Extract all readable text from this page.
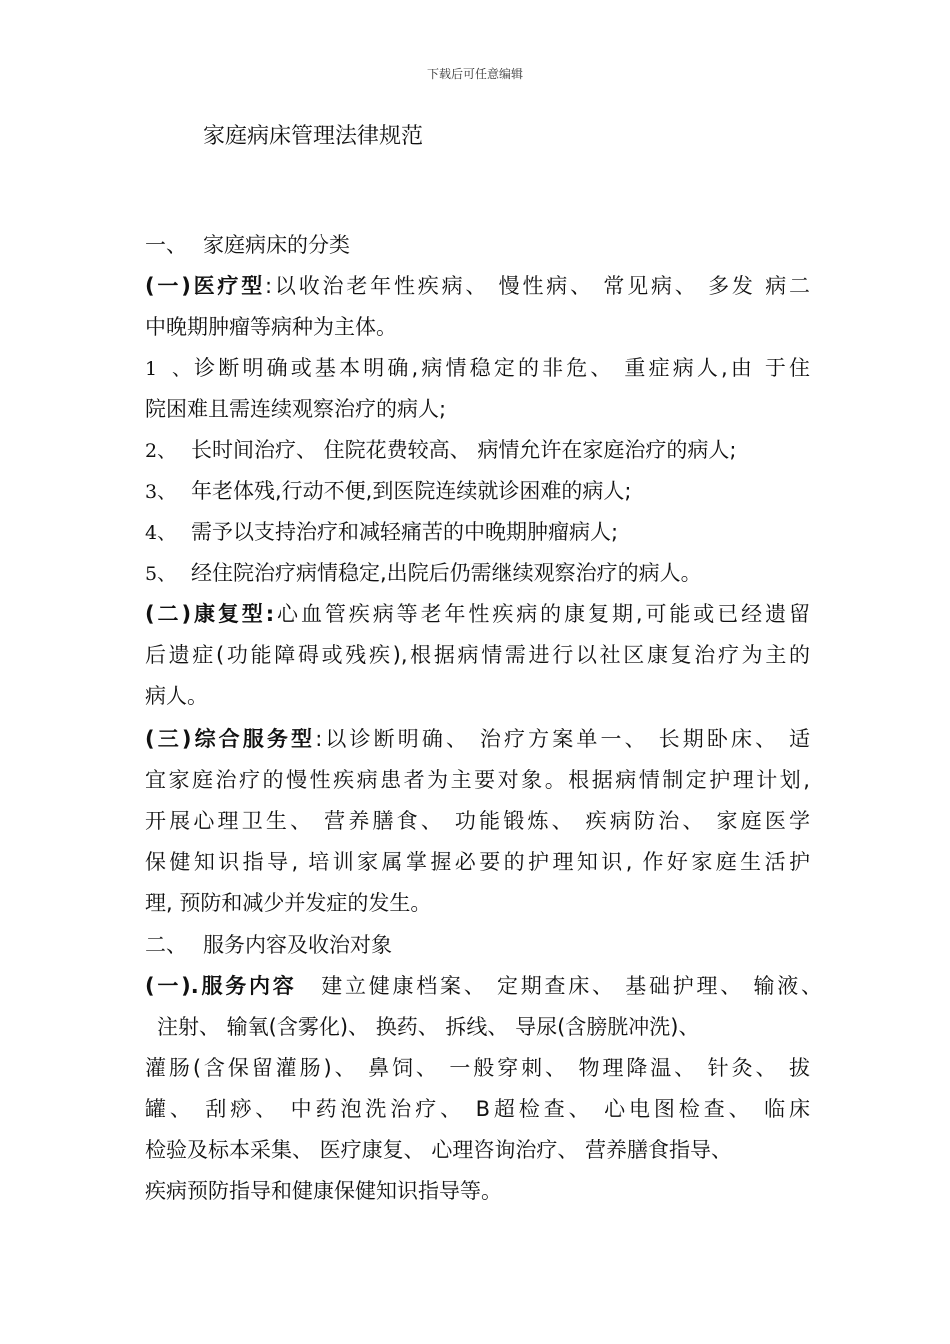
下载后可任意编辑
家庭病床管理法律规范
一、 家庭病床的分类
(一)医疗型:以收治老年性疾病、 慢性病、 常见病、 多发 病二
中晚期肿瘤等病种为主体。
1、诊断明确或基本明确,病情稳定的非危、 重症病人,由 于住
院困难且需连续观察治疗的病人;
2、 长时间治疗、 住院花费较高、 病情允许在家庭治疗的病人;
3、 年老体残,行动不便,到医院连续就诊困难的病人;
4、 需予以支持治疗和减轻痛苦的中晚期肿瘤病人;
5、 经住院治疗病情稳定,出院后仍需继续观察治疗的病人。
(二)康复型:心血管疾病等老年性疾病的康复期,可能或已经遗留
后遗症(功能障碍或残疾),根据病情需进行以社区康复治疗为主的
病人。
(三)综合服务型:以诊断明确、 治疗方案单一、 长期卧床、 适
宜家庭治疗的慢性疾病患者为主要对象。根据病情制定护理计划,
开展心理卫生、 营养膳食、 功能锻炼、 疾病防治、 家庭医学
保健知识指导, 培训家属掌握必要的护理知识, 作好家庭生活护
理, 预防和减少并发症的发生。
二、 服务内容及收治对象
(一).服务内容 建立健康档案、 定期查床、 基础护理、 输液、
注射、 输氧(含雾化)、 换药、 拆线、 导尿(含膀胱冲洗)、
灌肠(含保留灌肠)、 鼻饲、 一般穿刺、 物理降温、 针灸、 拔
罐、 刮痧、 中药泡洗治疗、 B超检查、 心电图检查、 临床
检验及标本采集、 医疗康复、 心理咨询治疗、 营养膳食指导、
疾病预防指导和健康保健知识指导等。
